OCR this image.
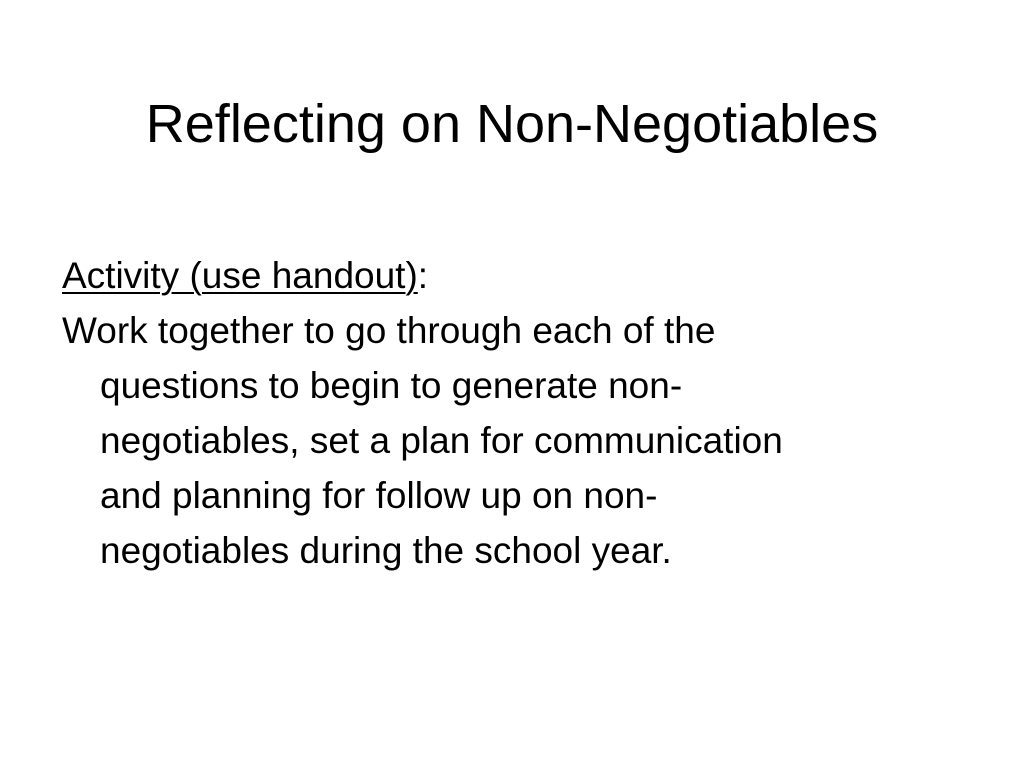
Reflecting on Non-Negotiables

Activity (use handout):

Work together to go through each of the
questions to begin to generate non-
negotiables, set a plan for communication
and planning for follow up on non-
negotiables during the school year.
